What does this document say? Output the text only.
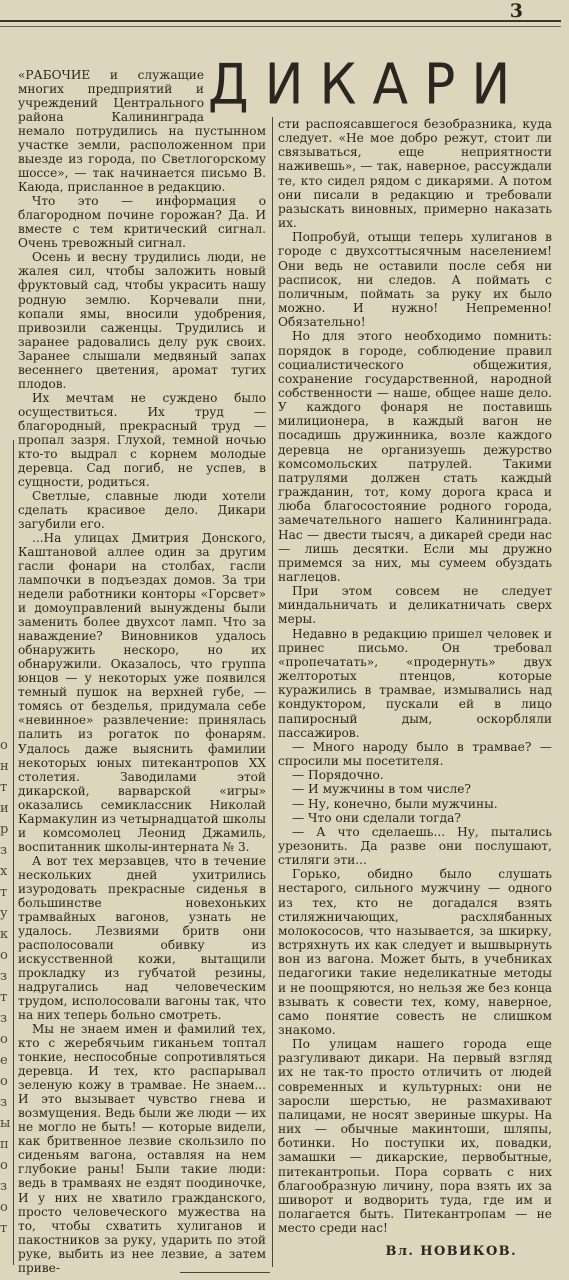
3
о
н
т
и
р
з
х
т
у
к
о
з
т
з
о
е
о
з
ы
п
о
з
о
т
ДИКАРИ

«РАБОЧИЕ и служащие многих предприятий и учреждений Центрального района Калининграда немало потрудились на пустынном участке земли, расположенном при выезде из города, по Светлогорскому шоссе», — так начинается письмо В. Каюда, присланное в редакцию.

Что это — информация о благородном почине горожан? Да. И вместе с тем критический сигнал. Очень тревожный сигнал.

Осень и весну трудились люди, не жалея сил, чтобы заложить новый фруктовый сад, чтобы украсить нашу родную землю. Корчевали пни, копали ямы, вносили удобрения, привозили саженцы. Трудились и заранее радовались делу рук своих. Заранее слышали медвяный запах весеннего цветения, аромат тугих плодов.

Их мечтам не суждено было осуществиться. Их труд — благородный, прекрасный труд — пропал зазря. Глухой, темной ночью кто-то выдрал с корнем молодые деревца. Сад погиб, не успев, в сущности, родиться.

Светлые, славные люди хотели сделать красивое дело. Дикари загубили его.

...На улицах Дмитрия Донского, Каштановой аллее один за другим гасли фонари на столбах, гасли лампочки в подъездах домов. За три недели работники конторы «Горсвет» и домоуправлений вынуждены были заменить более двухсот ламп. Что за наваждение? Виновников удалось обнаружить нескоро, но их обнаружили. Оказалось, что группа юнцов — у некоторых уже появился темный пушок на верхней губе, — томясь от безделья, придумала себе «невинное» развлечение: принялась палить из рогаток по фонарям. Удалось даже выяснить фамилии некоторых юных питекантропов XX столетия. Заводилами этой дикарской, варварской «игры» оказались семиклассник Николай Кармакулин из четырнадцатой школы и комсомолец Леонид Джамиль, воспитанник школы-интерната № 3.

А вот тех мерзавцев, что в течение нескольких дней ухитрились изуродовать прекрасные сиденья в большинстве новехоньких трамвайных вагонов, узнать не удалось. Лезвиями бритв они располосовали обивку из искусственной кожи, вытащили прокладку из губчатой резины, надругались над человеческим трудом, исполосовали вагоны так, что на них теперь больно смотреть.

Мы не знаем имен и фамилий тех, кто с жеребячьим гиканьем топтал тонкие, неспособные сопротивляться деревца. И тех, кто распарывал зеленую кожу в трамвае. Не знаем... И это вызывает чувство гнева и возмущения. Ведь были же люди — их не могло не быть! — которые видели, как бритвенное лезвие скользило по сиденьям вагона, оставляя на нем глубокие раны! Были такие люди: ведь в трамваях не ездят поодиночке, И у них не хватило гражданского, просто человеческого мужества на то, чтобы схватить хулиганов и пакостников за руку, ударить по этой руке, выбить из нее лезвие, а затем приве-

сти распоясавшегося безобразника, куда следует. «Не мое добро режут, стоит ли связываться, еще неприятности наживешь», — так, наверное, рассуждали те, кто сидел рядом с дикарями. А потом они писали в редакцию и требовали разыскать виновных, примерно наказать их.

Попробуй, отыщи теперь хулиганов в городе с двухсоттысячным населением! Они ведь не оставили после себя ни расписок, ни следов. А поймать с поличным, поймать за руку их было можно. И нужно! Непременно! Обязательно!

Но для этого необходимо помнить: порядок в городе, соблюдение правил социалистического общежития, сохранение государственной, народной собственности — наше, общее наше дело. У каждого фонаря не поставишь милиционера, в каждый вагон не посадишь дружинника, возле каждого деревца не организуешь дежурство комсомольских патрулей. Такими патрулями должен стать каждый гражданин, тот, кому дорога краса и люба благосостояние родного города, замечательного нашего Калининграда. Нас — двести тысяч, а дикарей среди нас — лишь десятки. Если мы дружно примемся за них, мы сумеем обуздать наглецов.

При этом совсем не следует миндальничать и деликатничать сверх меры.

Недавно в редакцию пришел человек и принес письмо. Он требовал «пропечатать», «продернуть» двух желторотых птенцов, которые куражились в трамвае, измывались над кондуктором, пускали ей в лицо папиросный дым, оскорбляли пассажиров.

— Много народу было в трамвае? — спросили мы посетителя.

— Порядочно.

— И мужчины в том числе?

— Ну, конечно, были мужчины.

— Что они сделали тогда?

— А что сделаешь... Ну, пытались урезонить. Да разве они послушают, стиляги эти...

Горько, обидно было слушать нестарого, сильного мужчину — одного из тех, кто не догадался взять стиляжничающих, расхлябанных молокососов, что называется, за шкирку, встряхнуть их как следует и вышвырнуть вон из вагона. Может быть, в учебниках педагогики такие неделикатные методы и не поощряются, но нельзя же без конца взывать к совести тех, кому, наверное, само понятие совесть не слишком знакомо.

По улицам нашего города еще разгуливают дикари. На первый взгляд их не так-то просто отличить от людей современных и культурных: они не заросли шерстью, не размахивают палицами, не носят звериные шкуры. На них — обычные макинтоши, шляпы, ботинки. Но поступки их, повадки, замашки — дикарские, первобытные, питекантропьи. Пора сорвать с них благообразную личину, пора взять их за шиворот и водворить туда, где им и полагается быть. Питекантропам — не место среди нас!

Вл. НОВИКОВ.
